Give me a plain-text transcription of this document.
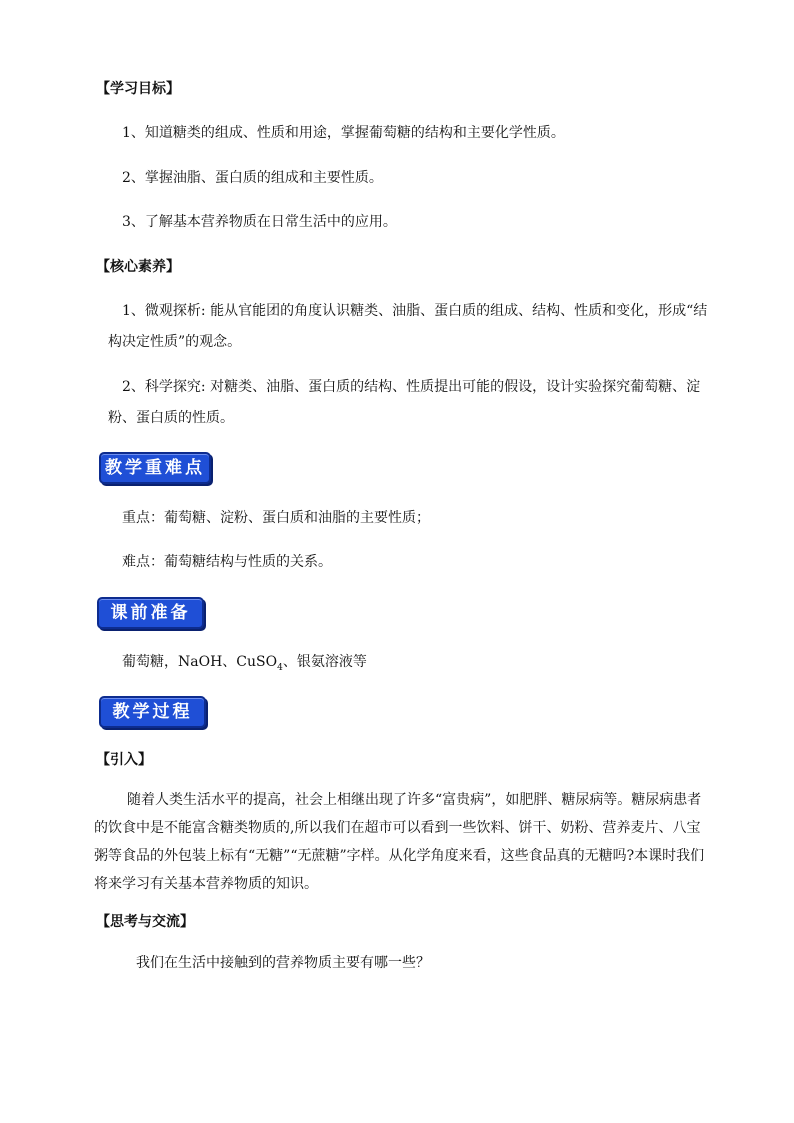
【学习目标】
1、知道糖类的组成、性质和用途，掌握葡萄糖的结构和主要化学性质。
2、掌握油脂、蛋白质的组成和主要性质。
3、了解基本营养物质在日常生活中的应用。
【核心素养】
1、微观探析: 能从官能团的角度认识糖类、油脂、蛋白质的组成、结构、性质和变化，形成“结
构决定性质”的观念。
2、科学探究: 对糖类、油脂、蛋白质的结构、性质提出可能的假设，设计实验探究葡萄糖、淀
粉、蛋白质的性质。
教学重难点
重点：葡萄糖、淀粉、蛋白质和油脂的主要性质；
难点：葡萄糖结构与性质的关系。
课前准备
葡萄糖，NaOH、CuSO$_4$、银氨溶液等
教学过程
【引入】
随着人类生活水平的提高，社会上相继出现了许多“富贵病”，如肥胖、糖尿病等。糖尿病患者
的饮食中是不能富含糖类物质的,所以我们在超市可以看到一些饮料、饼干、奶粉、营养麦片、八宝
粥等食品的外包装上标有“无糖”“无蔗糖”字样。从化学角度来看，这些食品真的无糖吗?本课时我们
将来学习有关基本营养物质的知识。
【思考与交流】
我们在生活中接触到的营养物质主要有哪一些？
